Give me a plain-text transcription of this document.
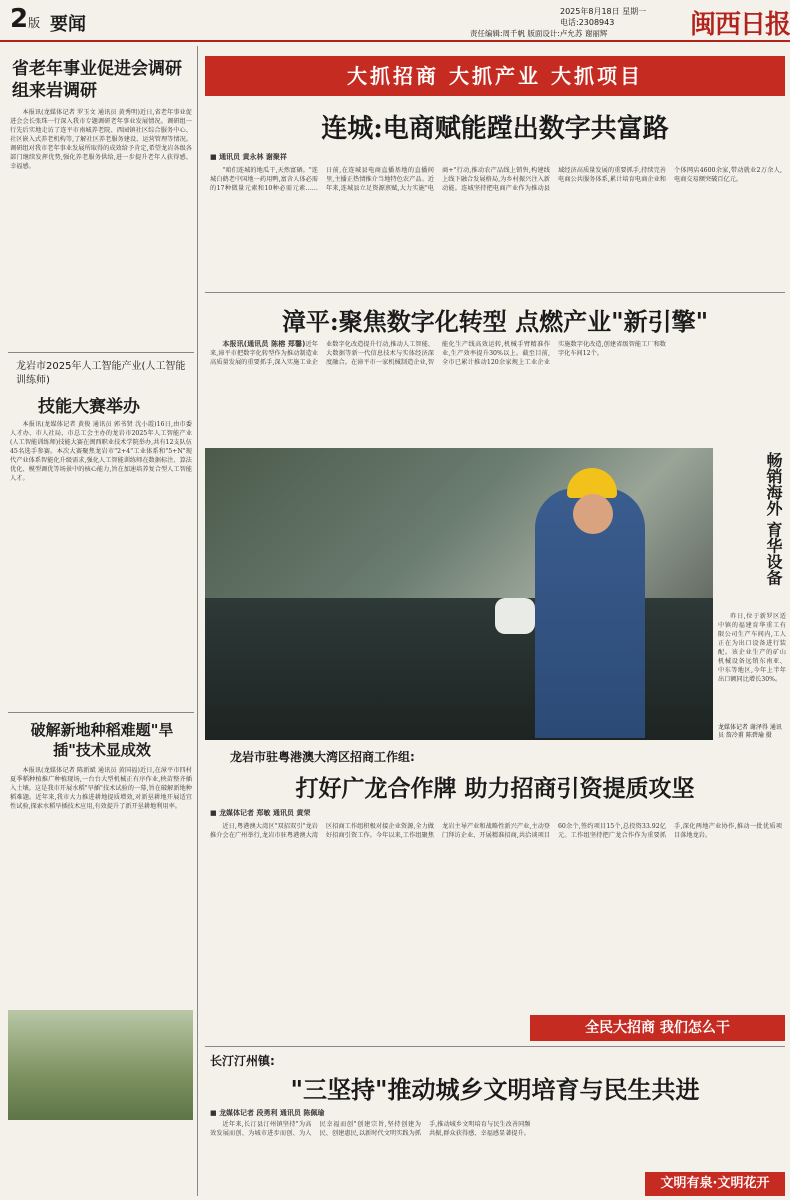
2版 要闻
2025年8月18日 星期一
电话:2308943
责任编辑:周千帆 版面设计:卢允苏 谢丽辉	闽西日报
省老年事业促进会调研组来岩调研

本报讯(龙媒体记者 罗玉文 通讯员 黄秀明)近日,省老年事业促进会会长张珠一行深入我市专题调研老年事业发展情况。调研组一行先后实地走访了连平市南城养老院、西园镇社区综合服务中心、社区嵌入式养老机构等,了解社区养老服务建设、运营管理等情况。调研组对我市老年事业发展所取得的成效给予肯定,希望龙岩各级各部门继续发挥优势,强化养老服务供给,进一步提升老年人获得感、幸福感。

龙岩市2025年人工智能产业(人工智能训练师)
技能大赛举办

本报讯(龙媒体记者 黄俊 通讯员 郭书贤 沈小霞)16日,由市委人才办、市人社局、市总工会主办的龙岩市2025年人工智能产业(人工智能训练师)技能大赛在闽西职业技术学院举办,共有12支队伍45名选手参赛。本次大赛聚焦龙岩市"2+4"工业体系和"5+N"现代产业体系智能化升级需求,强化人工智能训练师在数据标注、算法优化、模型调优等场景中的核心能力,旨在加速培养复合型人工智能人才。

破解新地种稻难题"旱插"技术显成效

本报讯(龙媒体记者 陈新斌 通讯员 黄国福)近日,在漳平市四村夏季稻种植推广种植现场,一台台大型机械正有序作业,秧苗整齐插入土壤。这是我市开展水稻"旱插"技术试验的一幕,旨在破解新地种稻难题。近年来,我市大力推进耕地提质增效,对新垦耕地开展适宜性试验,探索水稻旱插技术应用,有效提升了新开垦耕地利用率。

大抓招商 大抓产业 大抓项目
连城:电商赋能蹚出数字共富路
■ 通讯员 黄永林 谢聚祥

"咱们连城的地瓜干,天然富硒。"连城白鹤老中国地一药用鸭,富含人体必需的17种微量元素和10种必需元素……日前,在连城县电商直播基地的直播间里,主播正热情推介当地特色农产品。近年来,连城县立足资源禀赋,大力实施"电商+"行动,推动农产品线上销售,构建线上线下融合发展格局,为乡村振兴注入新动能。连城坚持把电商产业作为推动县域经济高质量发展的重要抓手,持续完善电商公共服务体系,累计培育电商企业和个体网店4600余家,带动就业2万余人,电商交易额突破百亿元。

漳平:聚焦数字化转型 点燃产业"新引擎"

本报讯(通讯员 陈榕 郑馨)近年来,漳平市把数字化转型作为推动制造业高质量发展的重要抓手,深入实施工业企业数字化改造提升行动,推动人工智能、大数据等新一代信息技术与实体经济深度融合。在漳平市一家机械制造企业,智能化生产线高效运转,机械手臂精准作业,生产效率提升30%以上。截至目前,全市已累计推动120余家规上工业企业实施数字化改造,创建省级智能工厂和数字化车间12个。

畅销海外 育华设备

昨日,位于新罗区适中镇的福建育华重工有限公司生产车间内,工人正在为出口设备进行装配。该企业生产的矿山机械设备远销东南亚、中东等地区,今年上半年出口额同比增长30%。

龙媒体记者 谢泽得 通讯员 詹冷甫 陈碧瑜 摄
龙岩市驻粤港澳大湾区招商工作组:
打好广龙合作牌 助力招商引资提质攻坚
■ 龙媒体记者 郑敏 通讯员 黄荣

近日,粤港澳大湾区"双招双引"龙岩推介会在广州举行,龙岩市驻粤港澳大湾区招商工作组积极对接企业资源,全力做好招商引资工作。今年以来,工作组聚焦龙岩主导产业和战略性新兴产业,主动登门拜访企业、开展精准招商,共洽谈项目60余个,签约项目15个,总投资33.92亿元。工作组坚持把广龙合作作为重要抓手,深化两地产业协作,推动一批优质项目落地龙岩。

全民大招商 我们怎么干
长汀汀州镇:
"三坚持"推动城乡文明培育与民生共进
■ 龙媒体记者 段勇利 通讯员 陈佩瑜

近年来,长汀县汀州镇坚持"为高效发展而创、为城市进步而创、为人民幸福而创"创建宗旨,坚持创建为民、创建惠民,以新时代文明实践为抓手,推动城乡文明培育与民生改善同频共振,群众获得感、幸福感显著提升。

文明有泉·文明花开
